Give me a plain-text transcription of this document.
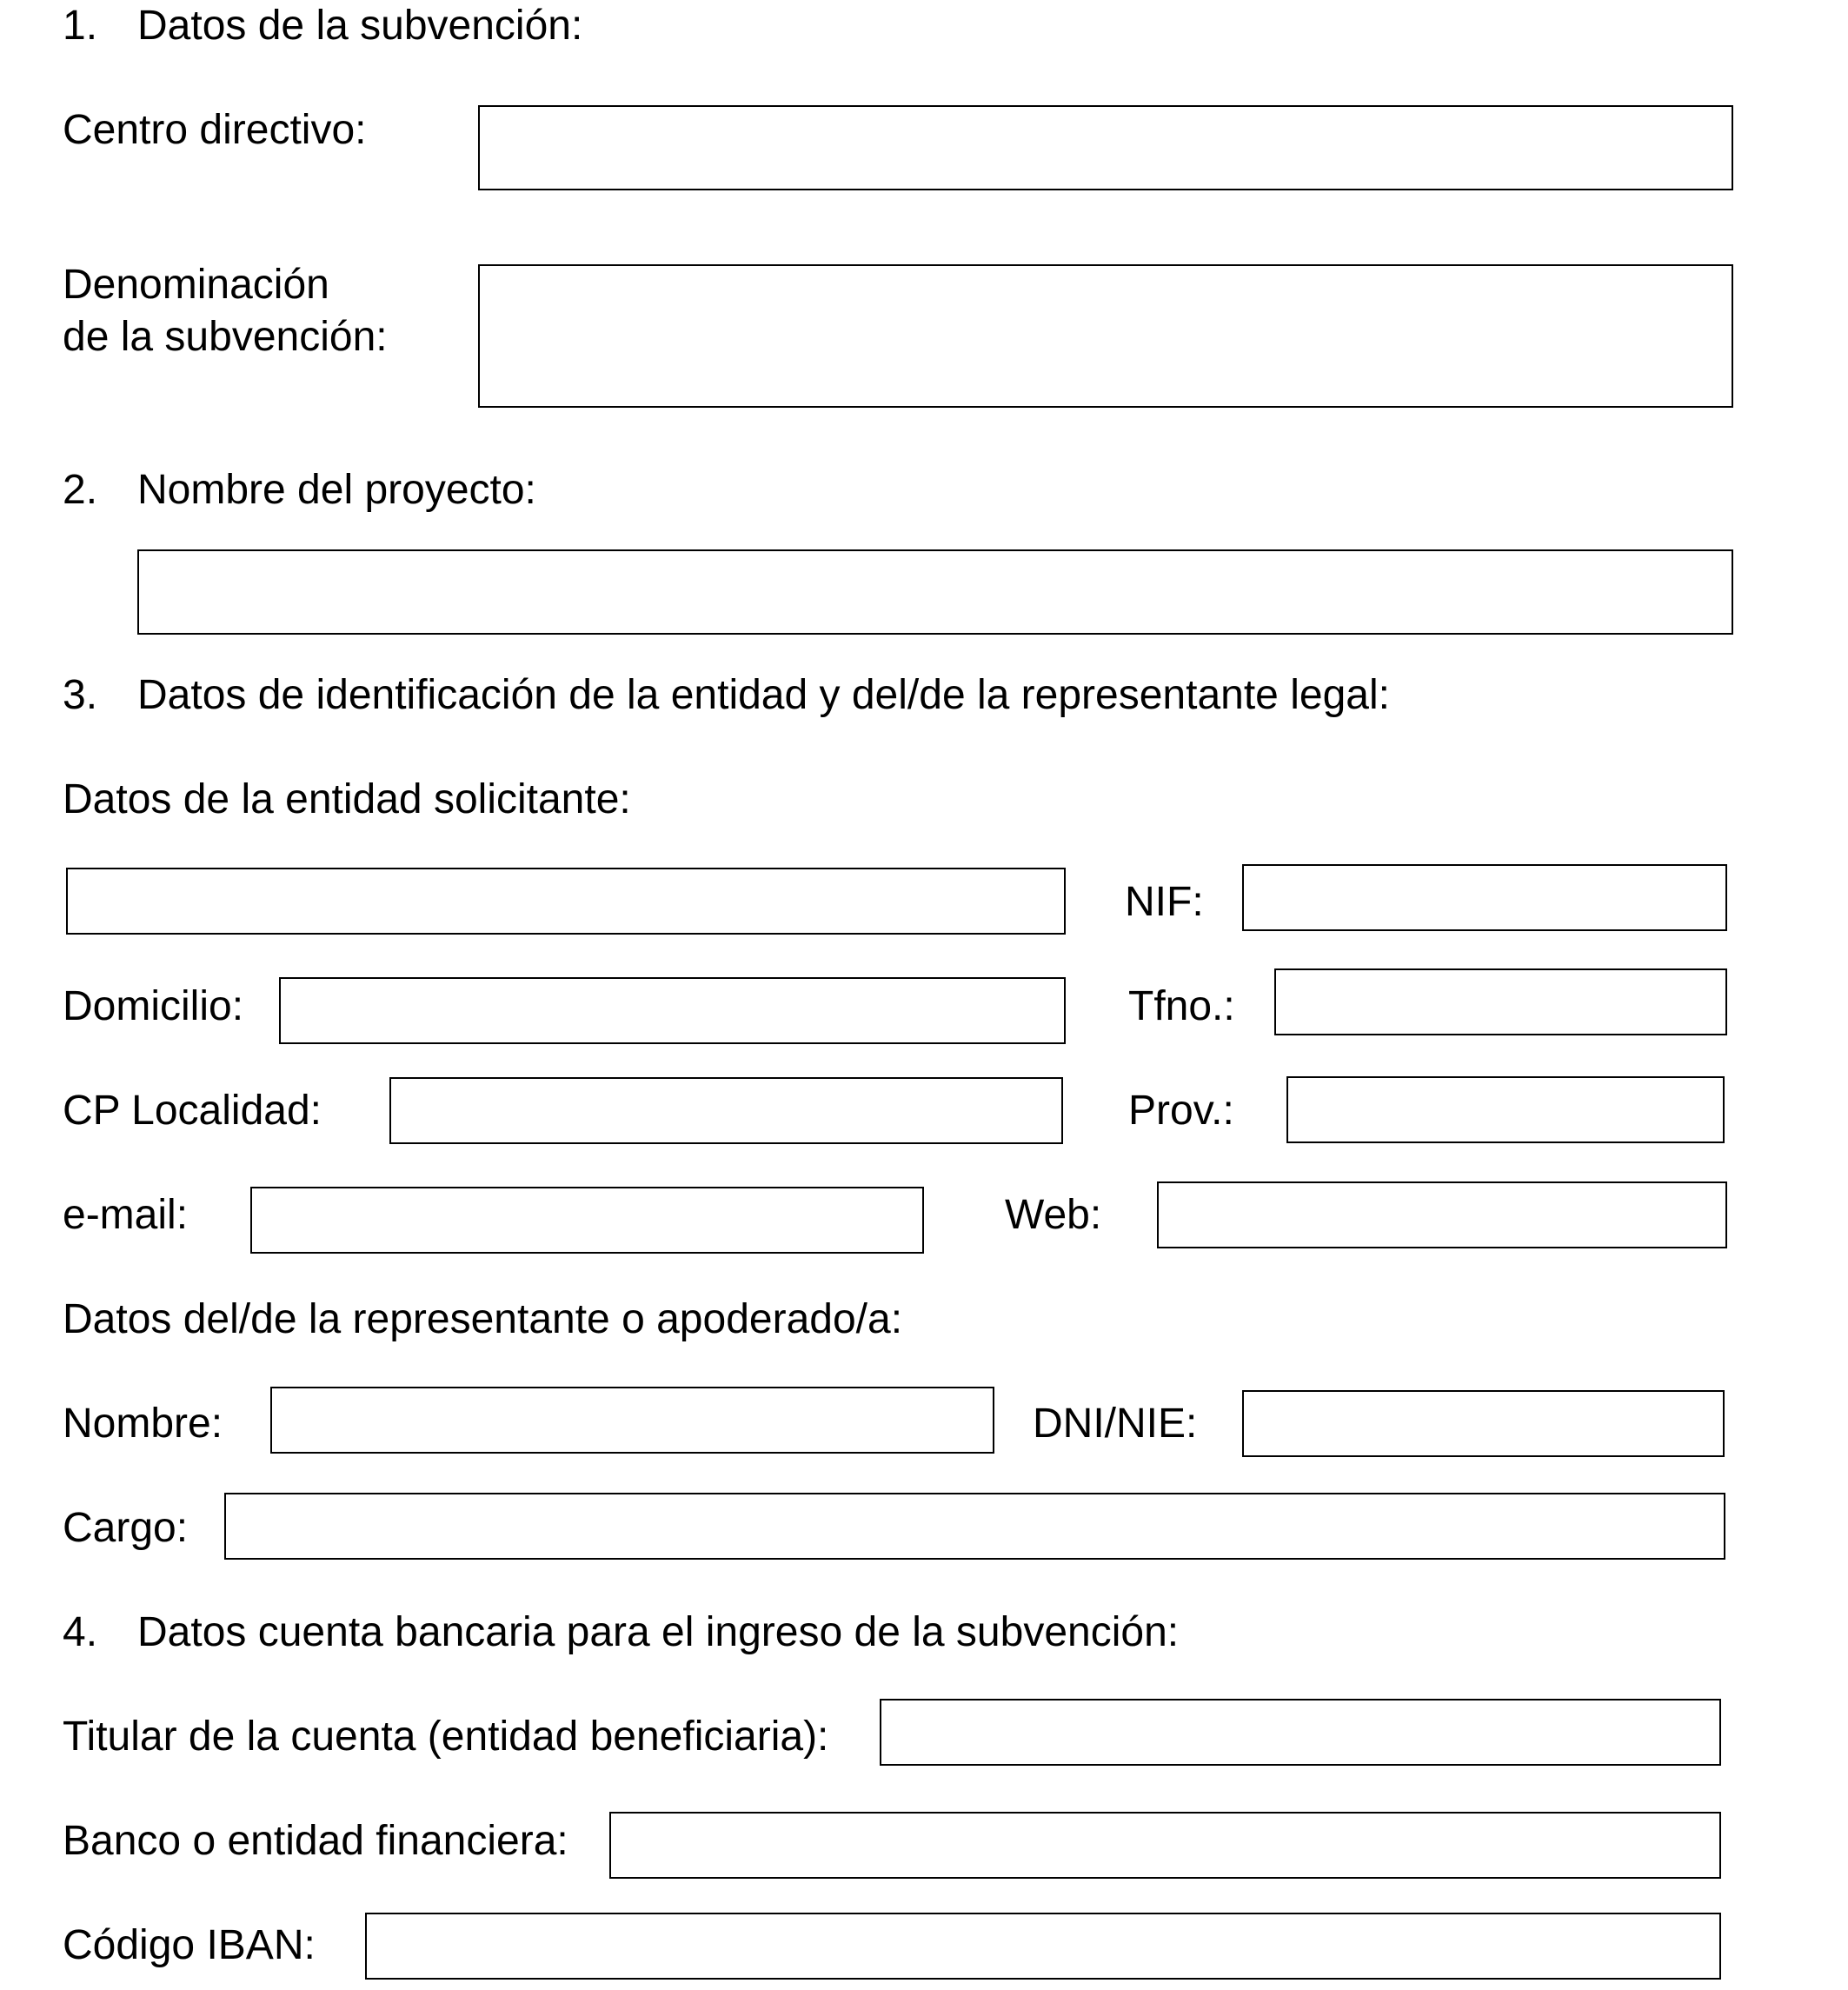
1. Datos de la subvención:
Centro directivo:
Denominación
de la subvención:
2. Nombre del proyecto:
3. Datos de identificación de la entidad y del/de la representante legal:
Datos de la entidad solicitante:
NIF:
Domicilio:	Tfno.:
CP Localidad:	Prov.:
e-mail:	Web:
Datos del/de la representante o apoderado/a:
Nombre:	DNI/NIE:
Cargo:
4. Datos cuenta bancaria para el ingreso de la subvención:
Titular de la cuenta (entidad beneficiaria):
Banco o entidad financiera:
Código IBAN:
